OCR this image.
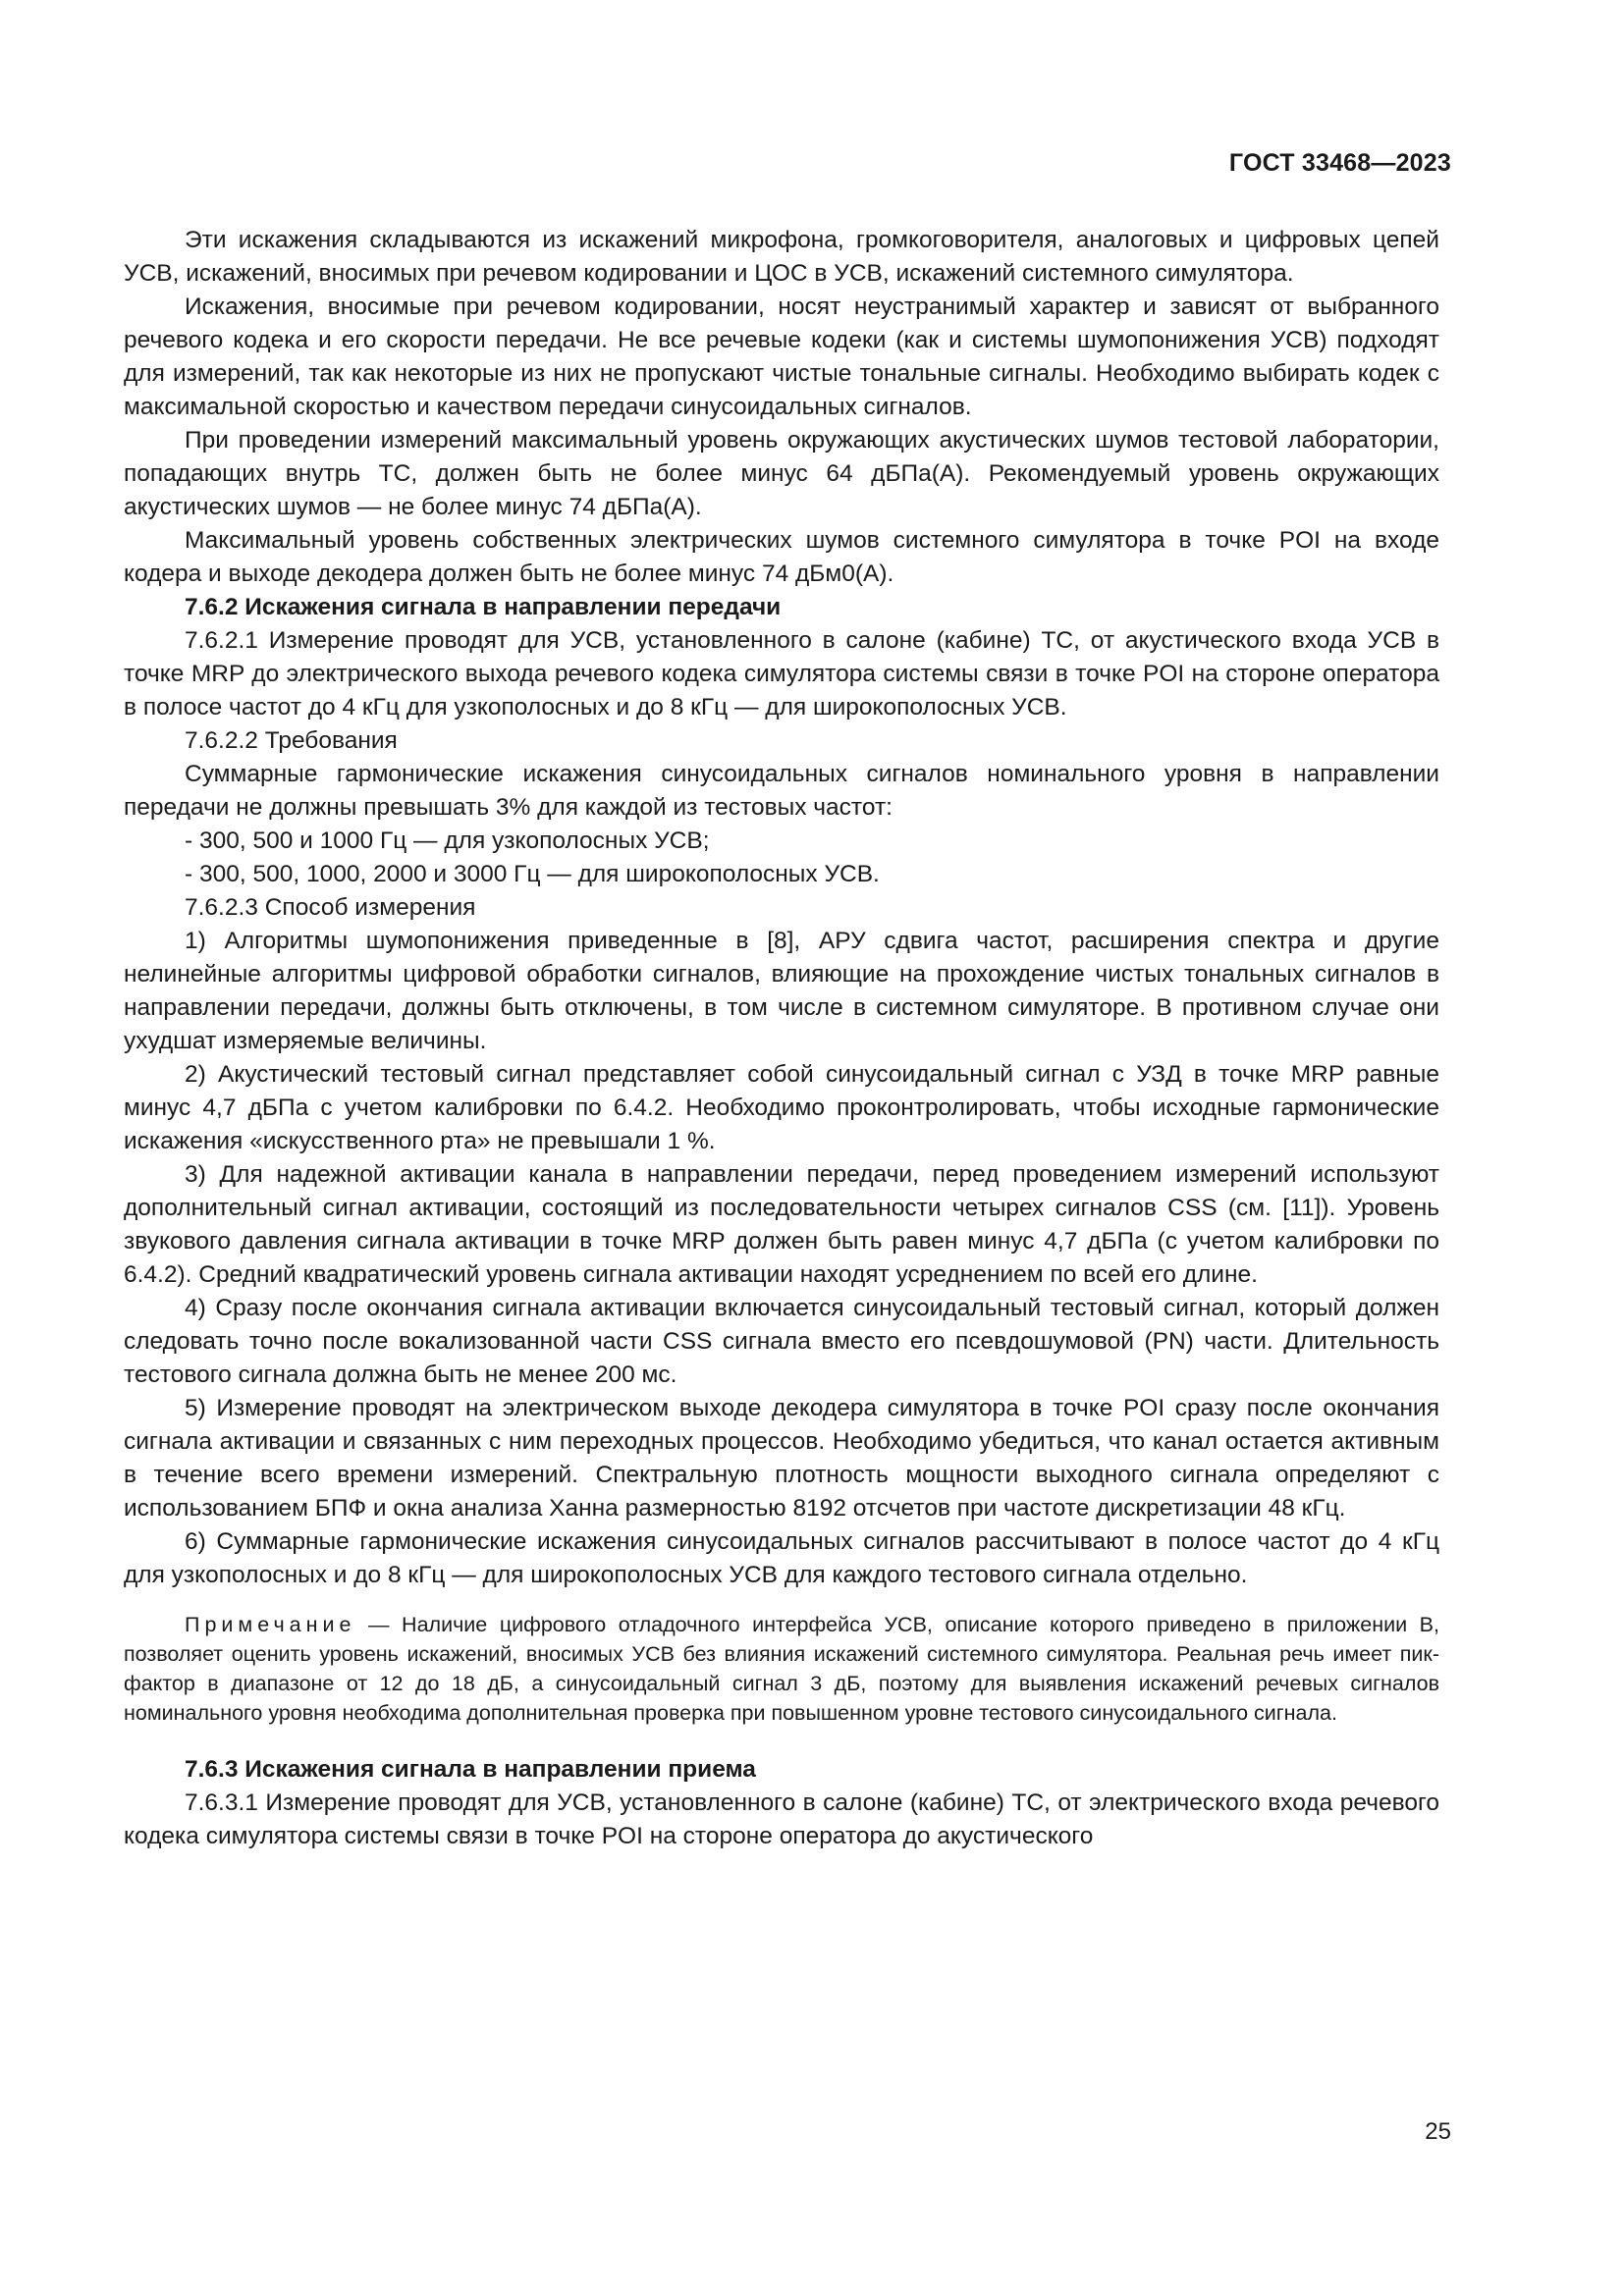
ГОСТ 33468—2023

Эти искажения складываются из искажений микрофона, громкоговорителя, аналоговых и цифровых цепей УСВ, искажений, вносимых при речевом кодировании и ЦОС в УСВ, искажений системного симулятора.

Искажения, вносимые при речевом кодировании, носят неустранимый характер и зависят от выбранного речевого кодека и его скорости передачи. Не все речевые кодеки (как и системы шумопонижения УСВ) подходят для измерений, так как некоторые из них не пропускают чистые тональные сигналы. Необходимо выбирать кодек с максимальной скоростью и качеством передачи синусоидальных сигналов.

При проведении измерений максимальный уровень окружающих акустических шумов тестовой лаборатории, попадающих внутрь ТС, должен быть не более минус 64 дБПа(А). Рекомендуемый уровень окружающих акустических шумов — не более минус 74 дБПа(А).

Максимальный уровень собственных электрических шумов системного симулятора в точке POI на входе кодера и выходе декодера должен быть не более минус 74 дБм0(А).

7.6.2 Искажения сигнала в направлении передачи

7.6.2.1 Измерение проводят для УСВ, установленного в салоне (кабине) ТС, от акустического входа УСВ в точке MRP до электрического выхода речевого кодека симулятора системы связи в точке POI на стороне оператора в полосе частот до 4 кГц для узкополосных и до 8 кГц — для широкополосных УСВ.

7.6.2.2 Требования

Суммарные гармонические искажения синусоидальных сигналов номинального уровня в направлении передачи не должны превышать 3% для каждой из тестовых частот:

- 300, 500 и 1000 Гц — для узкополосных УСВ;

- 300, 500, 1000, 2000 и 3000 Гц — для широкополосных УСВ.

7.6.2.3 Способ измерения

1) Алгоритмы шумопонижения приведенные в [8], АРУ сдвига частот, расширения спектра и другие нелинейные алгоритмы цифровой обработки сигналов, влияющие на прохождение чистых тональных сигналов в направлении передачи, должны быть отключены, в том числе в системном симуляторе. В противном случае они ухудшат измеряемые величины.

2) Акустический тестовый сигнал представляет собой синусоидальный сигнал с УЗД в точке MRP равные минус 4,7 дБПа с учетом калибровки по 6.4.2. Необходимо проконтролировать, чтобы исходные гармонические искажения «искусственного рта» не превышали 1 %.

3) Для надежной активации канала в направлении передачи, перед проведением измерений используют дополнительный сигнал активации, состоящий из последовательности четырех сигналов CSS (см. [11]). Уровень звукового давления сигнала активации в точке MRP должен быть равен минус 4,7 дБПа (с учетом калибровки по 6.4.2). Средний квадратический уровень сигнала активации находят усреднением по всей его длине.

4) Сразу после окончания сигнала активации включается синусоидальный тестовый сигнал, который должен следовать точно после вокализованной части CSS сигнала вместо его псевдошумовой (PN) части. Длительность тестового сигнала должна быть не менее 200 мс.

5) Измерение проводят на электрическом выходе декодера симулятора в точке POI сразу после окончания сигнала активации и связанных с ним переходных процессов. Необходимо убедиться, что канал остается активным в течение всего времени измерений. Спектральную плотность мощности выходного сигнала определяют с использованием БПФ и окна анализа Ханна размерностью 8192 отсчетов при частоте дискретизации 48 кГц.

6) Суммарные гармонические искажения синусоидальных сигналов рассчитывают в полосе частот до 4 кГц для узкополосных и до 8 кГц — для широкополосных УСВ для каждого тестового сигнала отдельно.

Примечание — Наличие цифрового отладочного интерфейса УСВ, описание которого приведено в приложении В, позволяет оценить уровень искажений, вносимых УСВ без влияния искажений системного симулятора. Реальная речь имеет пик-фактор в диапазоне от 12 до 18 дБ, а синусоидальный сигнал 3 дБ, поэтому для выявления искажений речевых сигналов номинального уровня необходима дополнительная проверка при повышенном уровне тестового синусоидального сигнала.

7.6.3 Искажения сигнала в направлении приема

7.6.3.1 Измерение проводят для УСВ, установленного в салоне (кабине) ТС, от электрического входа речевого кодека симулятора системы связи в точке POI на стороне оператора до акустического

25
